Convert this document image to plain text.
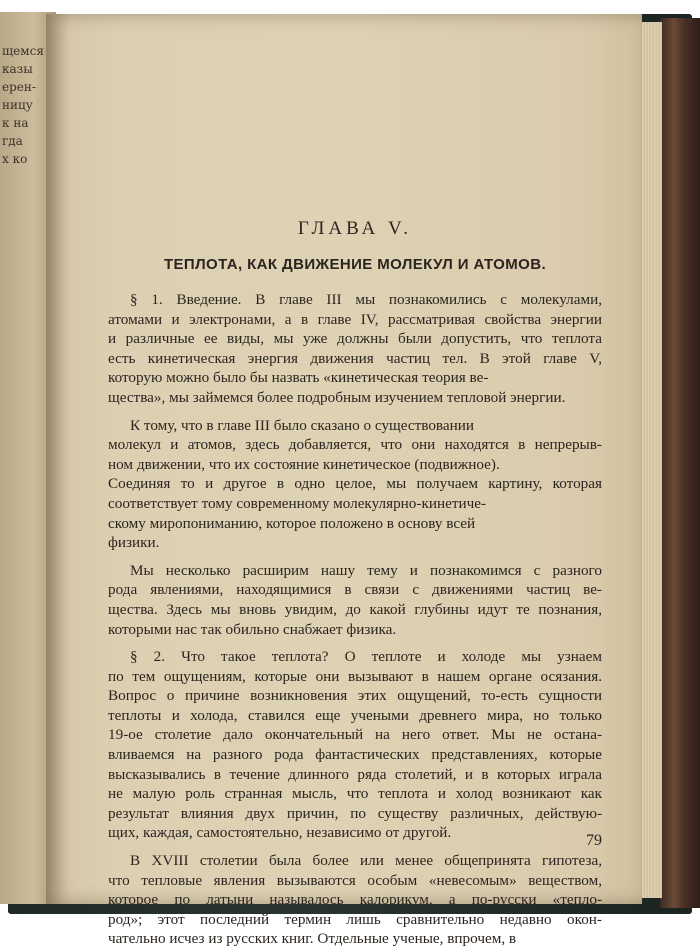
щемся
казы
ерен-
ницу
к на
гда
х ко
ГЛАВА V.
ТЕПЛОТА, КАК ДВИЖЕНИЕ МОЛЕКУЛ И АТОМОВ.
§ 1. Введение. В главе III мы познакомились с молекулами,
атомами и электронами, а в главе IV, рассматривая свойства энергии
и различные ее виды, мы уже должны были допустить, что теплота
есть кинетическая энергия движения частиц тел. В этой главе V,
которую можно было бы назвать «кинетическая теория ве-
щества», мы займемся более подробным изучением тепловой энергии.
К тому, что в главе III было сказано о существовании
молекул и атомов, здесь добавляется, что они находятся в непрерыв-
ном движении, что их состояние кинетическое (подвижное).
Соединяя то и другое в одно целое, мы получаем картину, которая
соответствует тому современному молекулярно-кинетиче-
скому миропониманию, которое положено в основу всей
физики.
Мы несколько расширим нашу тему и познакомимся с разного
рода явлениями, находящимися в связи с движениями частиц ве-
щества. Здесь мы вновь увидим, до какой глубины идут те познания,
которыми нас так обильно снабжает физика.
§ 2. Что такое теплота? О теплоте и холоде мы узнаем
по тем ощущениям, которые они вызывают в нашем органе осязания.
Вопрос о причине возникновения этих ощущений, то-есть сущности
теплоты и холода, ставился еще учеными древнего мира, но только
19-ое столетие дало окончательный на него ответ. Мы не остана-
вливаемся на разного рода фантастических представлениях, которые
высказывались в течение длинного ряда столетий, и в которых играла
не малую роль странная мысль, что теплота и холод возникают как
результат влияния двух причин, по существу различных, действую-
щих, каждая, самостоятельно, независимо от другой.
В XVIII столетии была более или менее общепринята гипотеза,
что тепловые явления вызываются особым «невесомым» веществом,
которое по латыни называлось калорикум, а по-русски «тепло-
род»; этот последний термин лишь сравнительно недавно окон-
чательно исчез из русских книг. Отдельные ученые, впрочем, в
79
